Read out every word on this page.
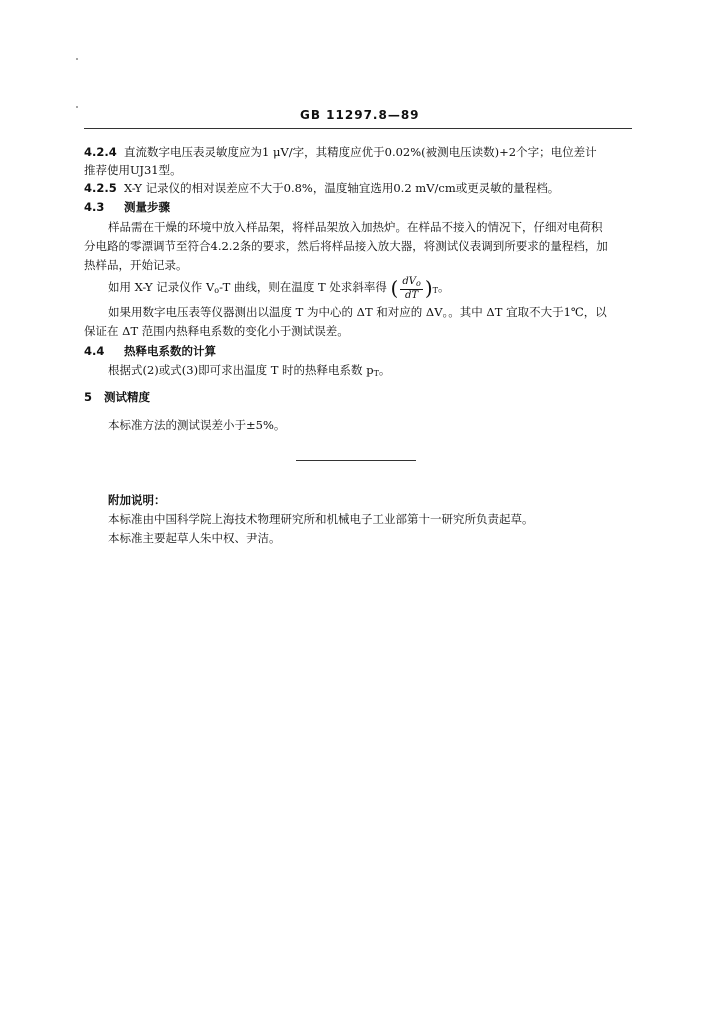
GB 11297.8—89
4.2.4 直流数字电压表灵敏度应为1 μV/字，其精度应优于0.02%(被测电压读数)+2个字；电位差计
推荐使用UJ31型。
4.2.5 X-Y 记录仪的相对误差应不大于0.8%，温度轴宜选用0.2 mV/cm或更灵敏的量程档。
4.3 测量步骤
样品需在干燥的环境中放入样品架，将样品架放入加热炉。在样品不接入的情况下，仔细对电荷积
分电路的零漂调节至符合4.2.2条的要求，然后将样品接入放大器，将测试仪表调到所要求的量程档，加
热样品，开始记录。
如用 X-Y 记录仪作 $V_o-T$ 曲线，则在温度 T 处求斜率得 ( $\frac{dV_o}{dT} )_T$。
如果用数字电压表等仪器测出以温度 T 为中心的 ΔT 和对应的 ΔV。。其中 ΔT 宜取不大于1℃，以
保证在 ΔT 范围内热释电系数的变化小于测试误差。
4.4 热释电系数的计算
根据式(2)或式(3)即可求出温度 T 时的热释电系数 $p_T$。
5 测试精度
本标准方法的测试误差小于±5%。
附加说明：
本标准由中国科学院上海技术物理研究所和机械电子工业部第十一研究所负责起草。
本标准主要起草人朱中权、尹洁。
